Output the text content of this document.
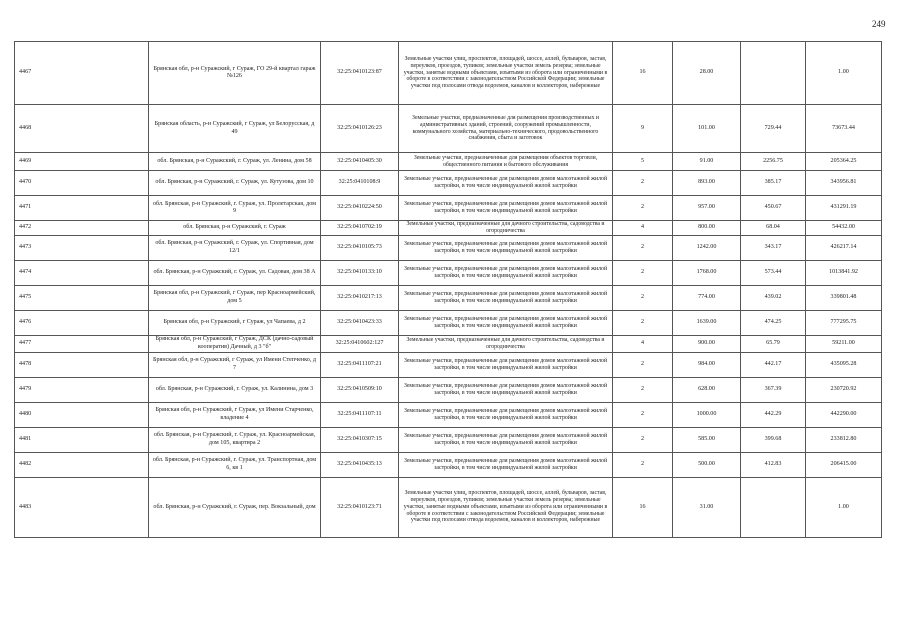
249
4467	Брянская обл, р-н Суражский, г Сураж, ГО 29-й квартал гараж №126	32:25:0410123:87	Земельные участки улиц, проспектов, площадей, шоссе, аллей, бульваров, застав, переулков, проездов, тупиков; земельные участки земель резерва; земельные участки, занятые водными объектами, изъятыми из оборота или ограниченными в обороте в соответствии с законодательством Российской Федерации; земельные участки под полосами отвода водоемов, каналов и коллекторов, набережные	16	28.00		1.00
4468	Брянская область, р-н Суражский, г Сураж, ул Белорусская, д 49	32:25:0410126:23	Земельные участки, предназначенные для размещения производственных и административных зданий, строений, сооружений промышленности, коммунального хозяйства, материально-технического, продовольственного снабжения, сбыта и заготовок	9	101.00	729.44	73673.44
4469	обл. Брянская, р-н Суражский, г. Сураж, ул. Ленина, дом 58	32:25:0410405:30	Земельные участки, предназначенные для размещения объектов торговли, общественного питания и бытового обслуживания	5	91.00	2256.75	205364.25
4470	обл. Брянская, р-н Суражский, г. Сураж, ул. Кутузова, дом 10	32:25:0410108:9	Земельные участки, предназначенные для размещения домов малоэтажной жилой застройки, в том числе индивидуальной жилой застройки	2	893.00	385.17	343956.81
4471	обл. Брянская, р-н Суражский, г. Сураж, ул. Пролетарская, дом 9	32:25:0410224:50	Земельные участки, предназначенные для размещения домов малоэтажной жилой застройки, в том числе индивидуальной жилой застройки	2	957.00	450.67	431291.19
4472	обл. Брянская, р-н Суражский, г. Сураж	32:25:0410702:19	Земельные участки, предназначенные для дачного строительства, садоводства и огородничества	4	800.00	68.04	54432.00
4473	обл. Брянская, р-н Суражский, г. Сураж, ул. Спортивная, дом 12/1	32:25:0410105:73	Земельные участки, предназначенные для размещения домов малоэтажной жилой застройки, в том числе индивидуальной жилой застройки	2	1242.00	343.17	426217.14
4474	обл. Брянская, р-н Суражский, г. Сураж, ул. Садовая, дом 38 А	32:25:0410133:10	Земельные участки, предназначенные для размещения домов малоэтажной жилой застройки, в том числе индивидуальной жилой застройки	2	1768.00	573.44	1013841.92
4475	Брянская обл, р-н Суражский, г Сураж, пер Красноармейский, дом 5	32:25:0410217:13	Земельные участки, предназначенные для размещения домов малоэтажной жилой застройки, в том числе индивидуальной жилой застройки	2	774.00	439.02	339801.48
4476	Брянская обл, р-н Суражский, г Сураж, ул Чапаева, д 2	32:25:0410423:33	Земельные участки, предназначенные для размещения домов малоэтажной жилой застройки, в том числе индивидуальной жилой застройки	2	1639.00	474.25	777295.75
4477	Брянская обл, р-н Суражский, г Сураж, ДСК (дачно-садовый кооператив) Дачный, д 3 "б"	32:25:0410602:127	Земельные участки, предназначенные для дачного строительства, садоводства и огородничества	4	900.00	65.79	59211.00
4478	Брянская обл, р-н Суражский, г Сураж, ул Имени Степченко, д 7	32:25:0411107:21	Земельные участки, предназначенные для размещения домов малоэтажной жилой застройки, в том числе индивидуальной жилой застройки	2	984.00	442.17	435095.28
4479	обл. Брянская, р-н Суражский, г. Сураж, ул. Калинина, дом 3	32:25:0410509:10	Земельные участки, предназначенные для размещения домов малоэтажной жилой застройки, в том числе индивидуальной жилой застройки	2	628.00	367.39	230720.92
4480	Брянская обл, р-н Суражский, г Сураж, ул Имени Старченко, владение 4	32:25:0411107:11	Земельные участки, предназначенные для размещения домов малоэтажной жилой застройки, в том числе индивидуальной жилой застройки	2	1000.00	442.29	442290.00
4481	обл. Брянская, р-н Суражский, г. Сураж, ул. Красноармейская, дом 105, квартира 2	32:25:0410307:15	Земельные участки, предназначенные для размещения домов малоэтажной жилой застройки, в том числе индивидуальной жилой застройки	2	585.00	399.68	233812.80
4482	обл. Брянская, р-н Суражский, г. Сураж, ул. Транспортная, дом 6, кв 1	32:25:0410435:13	Земельные участки, предназначенные для размещения домов малоэтажной жилой застройки, в том числе индивидуальной жилой застройки	2	500.00	412.83	206415.00
4483	обл. Брянская, р-н Суражский, г. Сураж, пер. Вокзальный, дом	32:25:0410123:71	Земельные участки улиц, проспектов, площадей, шоссе, аллей, бульваров, застав, переулков, проездов, тупиков; земельные участки земель резерва; земельные участки, занятые водными объектами, изъятыми из оборота или ограниченными в обороте в соответствии с законодательством Российской Федерации; земельные участки под полосами отвода водоемов, каналов и коллекторов, набережные	16	31.00		1.00
